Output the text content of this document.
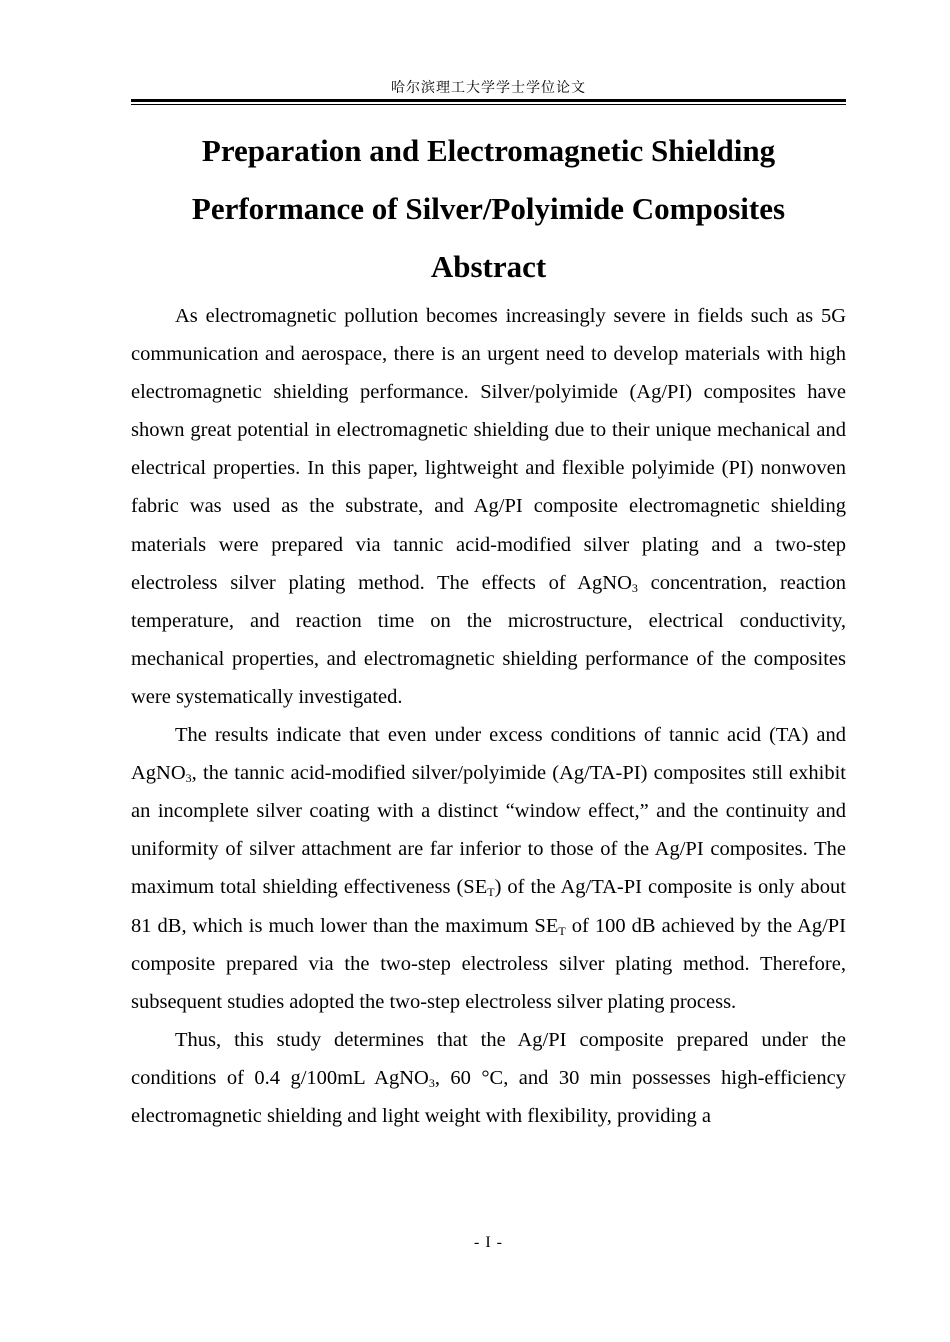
哈尔滨理工大学学士学位论文
Preparation and Electromagnetic Shielding
Performance of Silver/Polyimide Composites
Abstract

As electromagnetic pollution becomes increasingly severe in fields such as 5G communication and aerospace, there is an urgent need to develop materials with high electromagnetic shielding performance. Silver/polyimide (Ag/PI) composites have shown great potential in electromagnetic shielding due to their unique mechanical and electrical properties. In this paper, lightweight and flexible polyimide (PI) nonwoven fabric was used as the substrate, and Ag/PI composite electromagnetic shielding materials were prepared via tannic acid-modified silver plating and a two-step electroless silver plating method. The effects of AgNO$_3$ concentration, reaction temperature, and reaction time on the microstructure, electrical conductivity, mechanical properties, and electromagnetic shielding performance of the composites were systematically investigated.

The results indicate that even under excess conditions of tannic acid (TA) and AgNO$_3$, the tannic acid-modified silver/polyimide (Ag/TA-PI) composites still exhibit an incomplete silver coating with a distinct “window effect,” and the continuity and uniformity of silver attachment are far inferior to those of the Ag/PI composites. The maximum total shielding effectiveness $(SE_T)$ of the Ag/TA-PI composite is only about 81 dB, which is much lower than the maximum $SE_T$ of 100 dB achieved by the Ag/PI composite prepared via the two-step electroless silver plating method. Therefore, subsequent studies adopted the two-step electroless silver plating process.

Thus, this study determines that the Ag/PI composite prepared under the conditions of 0.4 g/100mL AgNO$_3$, 60 °C, and 30 min possesses high-efficiency electromagnetic shielding and light weight with flexibility, providing a

- I -
